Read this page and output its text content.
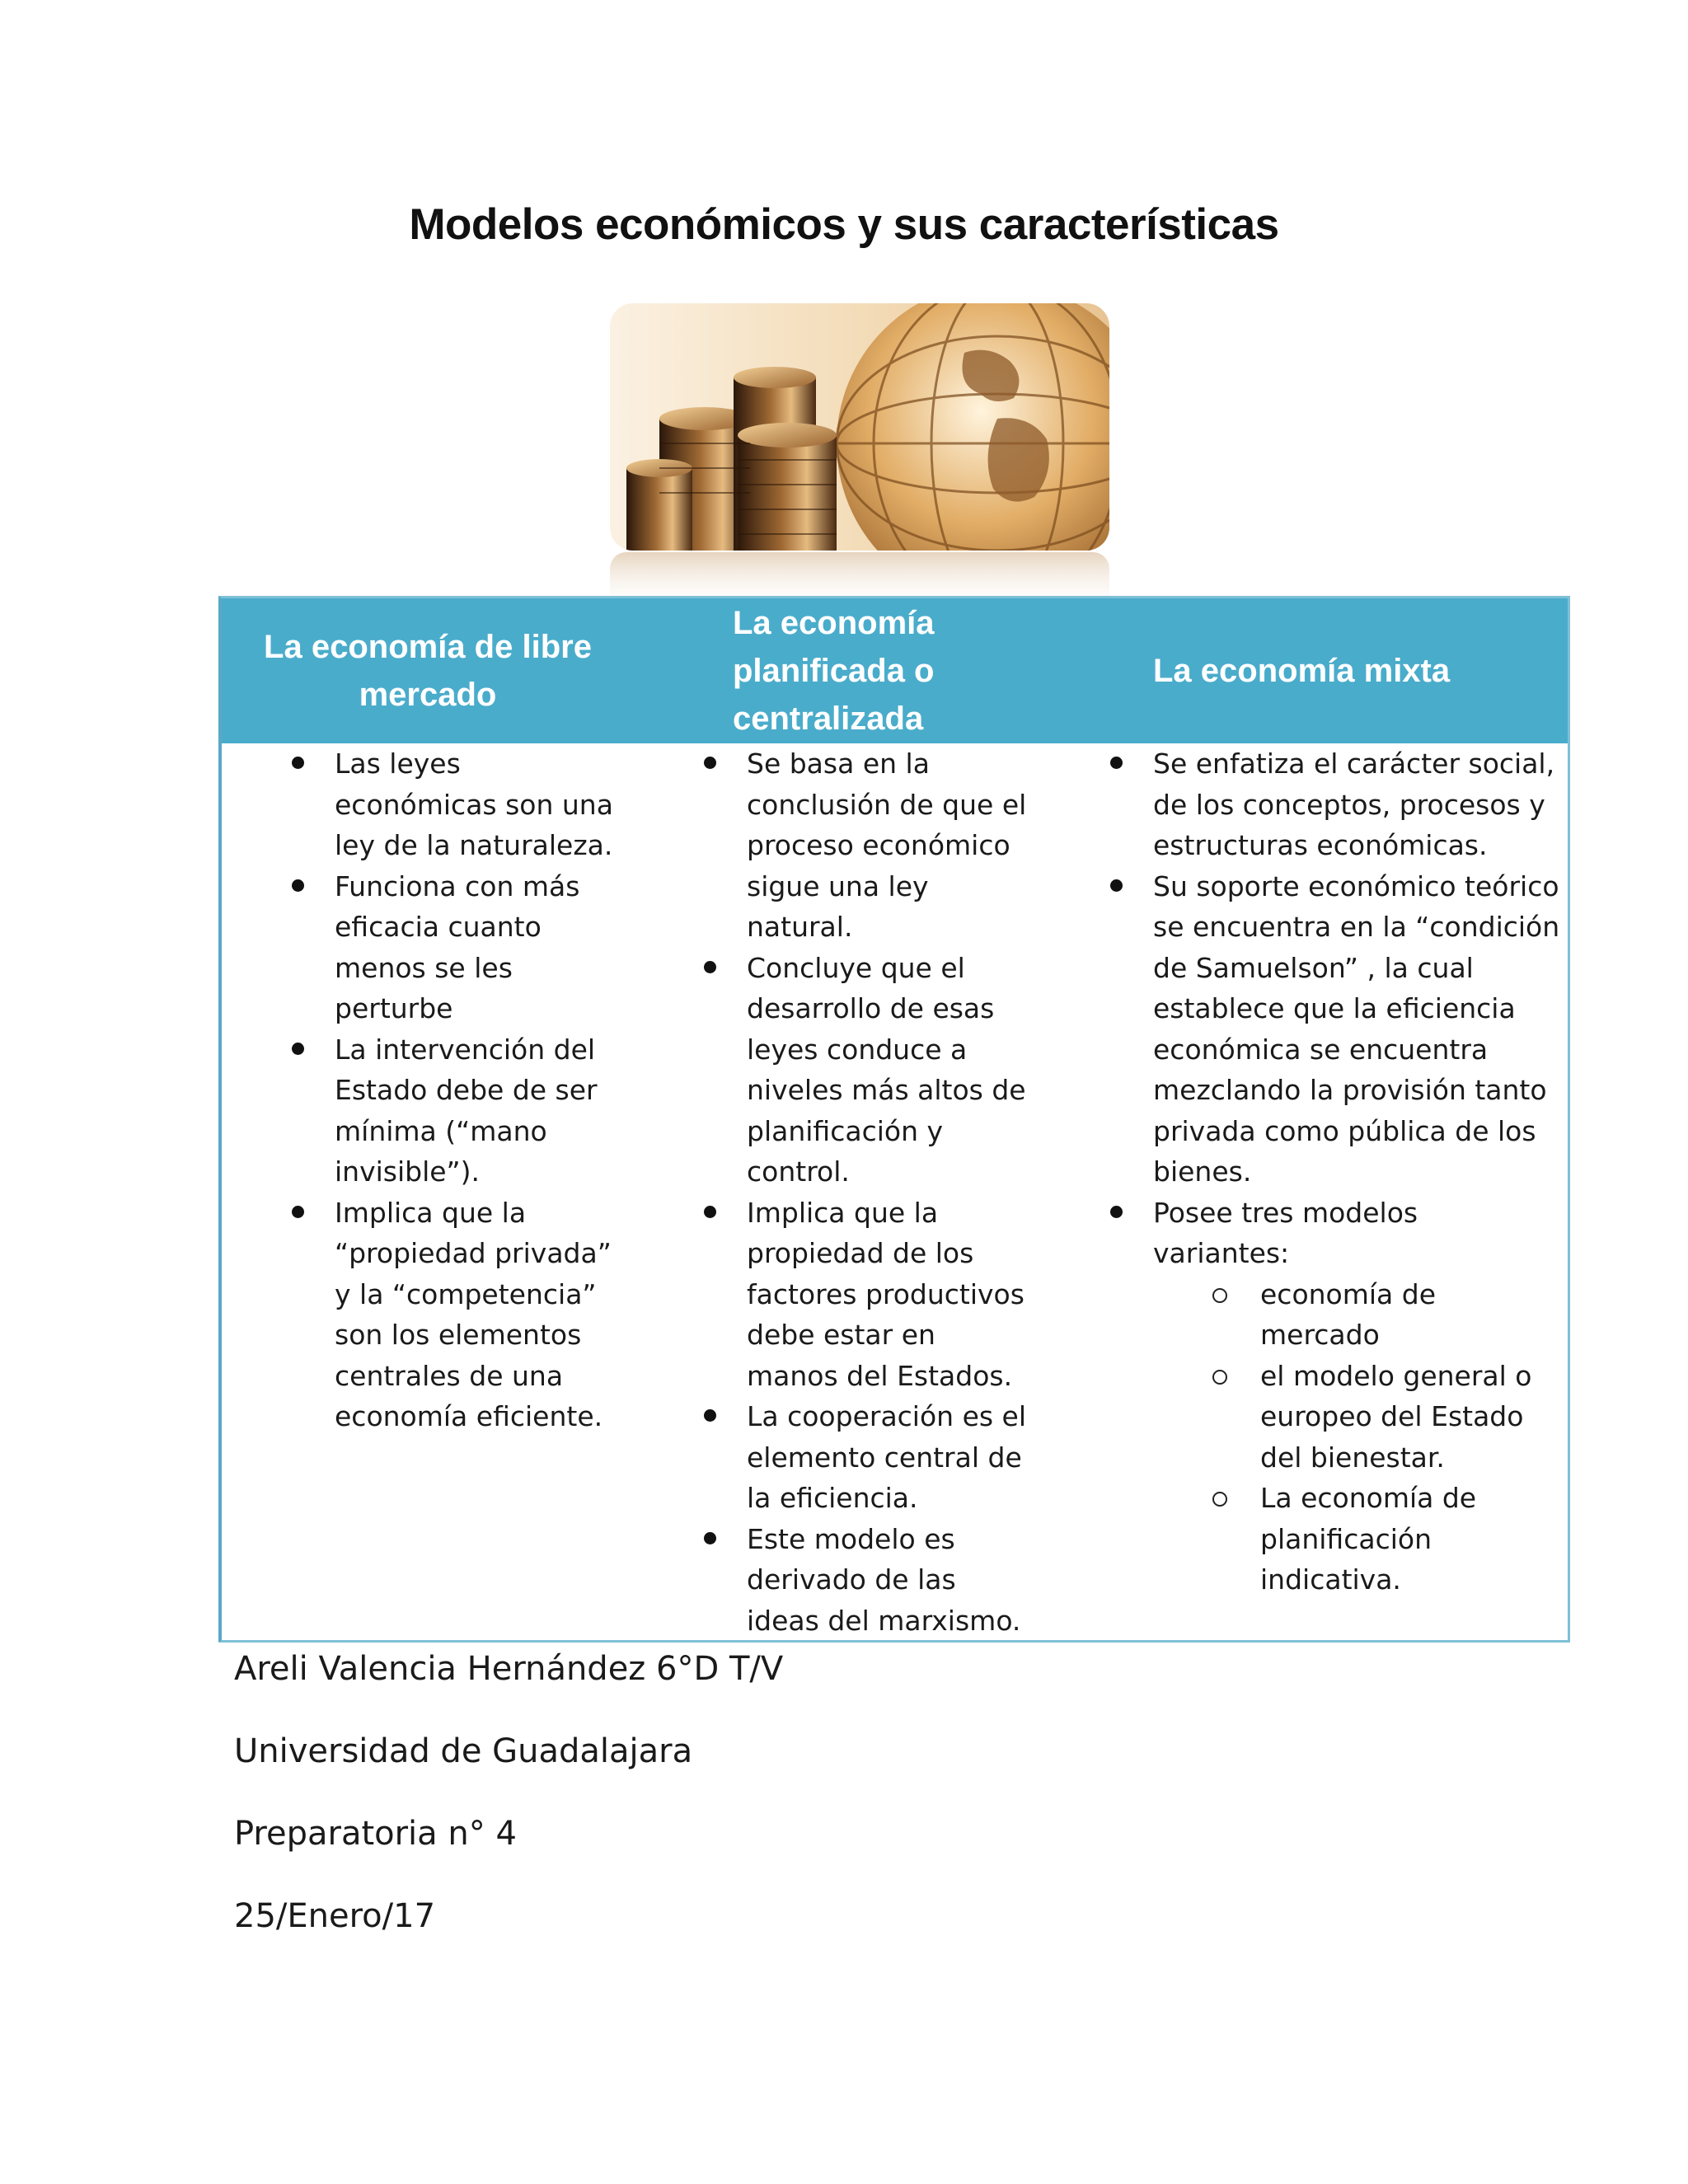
Modelos económicos y sus características
La economía de libre
mercado
La economía
planificada o
centralizada
La economía mixta
Las leyes económicas son una ley de la naturaleza.
Funciona con más eficacia cuanto menos se les perturbe
La intervención del Estado debe de ser mínima (“mano invisible”).
Implica que la “propiedad privada” y la “competencia” son los elementos centrales de una economía eficiente.
Se basa en la conclusión de que el proceso económico sigue una ley natural.
Concluye que el desarrollo de esas leyes conduce a niveles más altos de planificación y control.
Implica que la propiedad de los factores productivos debe estar en manos del Estados.
La cooperación es el elemento central de la eficiencia.
Este modelo es derivado de las ideas del marxismo.
Se enfatiza el carácter social, de los conceptos, procesos y estructuras económicas.
Su soporte económico teórico se encuentra en la “condición de Samuelson” , la cual establece que la eficiencia económica se encuentra mezclando la provisión tanto privada como pública de los bienes.
Posee tres modelos variantes:
economía de mercado
el modelo general o europeo del Estado del bienestar.
La economía de planificación indicativa.
Areli Valencia Hernández 6°D T/V
Universidad de Guadalajara
Preparatoria n° 4
25/Enero/17
